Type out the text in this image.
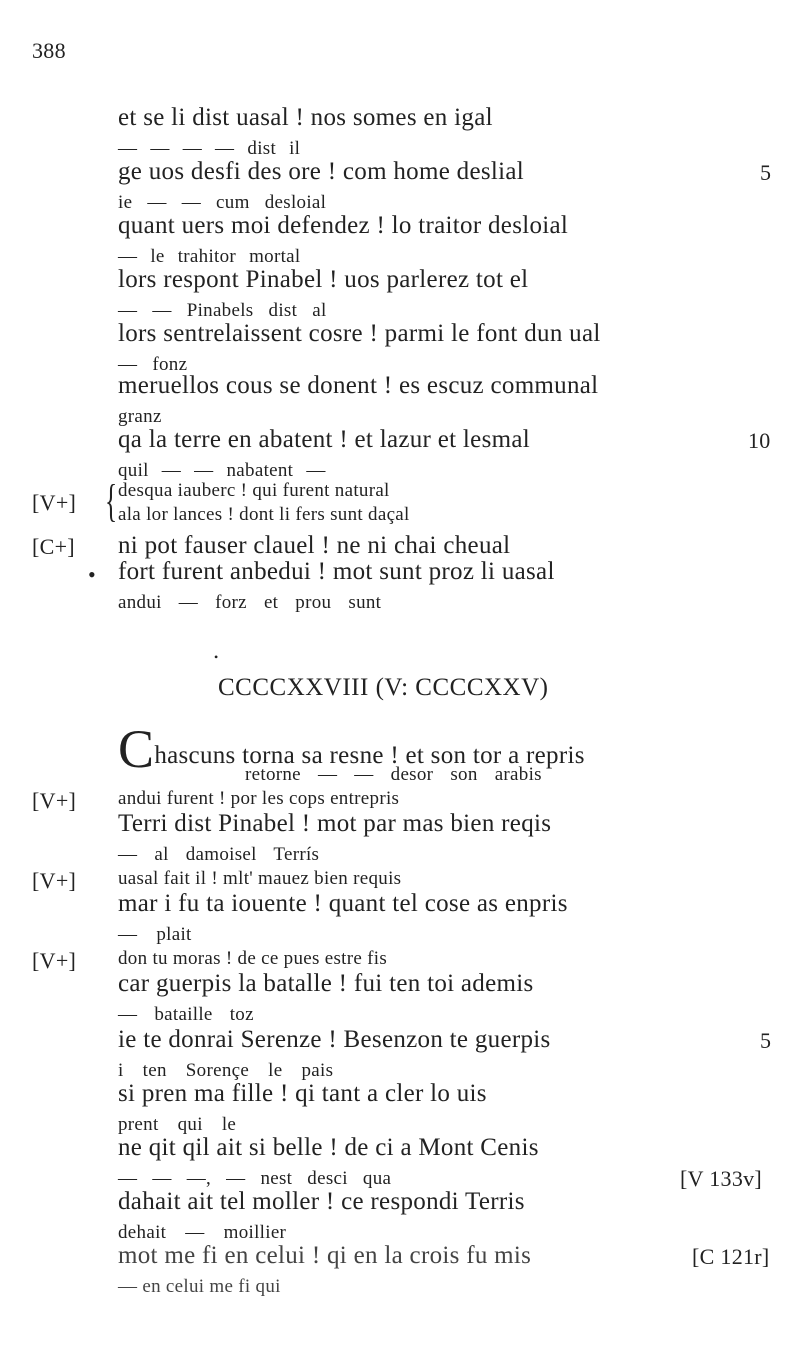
388
et se li dist uasal ! nos somes en igal
— — — — dist il
ge uos desfi des ore ! com home deslial	5
ie — — cum desloial
quant uers moi defendez ! lo traitor desloial
— le trahitor mortal
lors respont Pinabel ! uos parlerez tot el
— — Pinabels dist al
lors sentrelaissent cosre ! parmi le font dun ual
— fonz
meruellos cous se donent ! es escuz communal
granz
qa la terre en abatent ! et lazur et lesmal	10
quil — — nabatent —
[V+] { desqua iauberc ! qui furent natural
ala lor lances ! dont li fers sunt daçal
[C+] ni pot fauser clauel ! ne ni chai cheual
• fort furent anbedui ! mot sunt proz li uasal
andui — forz et prou sunt
•
CCCCXXVIII (V: CCCCXXV)
Chascuns torna sa resne ! et son tor a repris
retorne — — desor son arabis
[V+] andui furent ! por les cops entrepris
Terri dist Pinabel ! mot par mas bien reqis
— al damoisel Terrís
[V+] uasal fait il ! mlt' mauez bien requis
mar i fu ta iouente ! quant tel cose as enpris
— plait
[V+] don tu moras ! de ce pues estre fis
car guerpis la batalle ! fui ten toi ademis
— bataille toz
ie te donrai Serenze ! Besenzon te guerpis	5
i ten Sorençe le pais
si pren ma fille ! qi tant a cler lo uis
prent qui le
ne qit qil ait si belle ! de ci a Mont Cenis
— — —, — nest desci qua	[V 133v]
dahait ait tel moller ! ce respondi Terris
dehait — moillier
mot me fi en celui ! qi en la crois fu mis	[C 121r]
— en celui me fi qui
